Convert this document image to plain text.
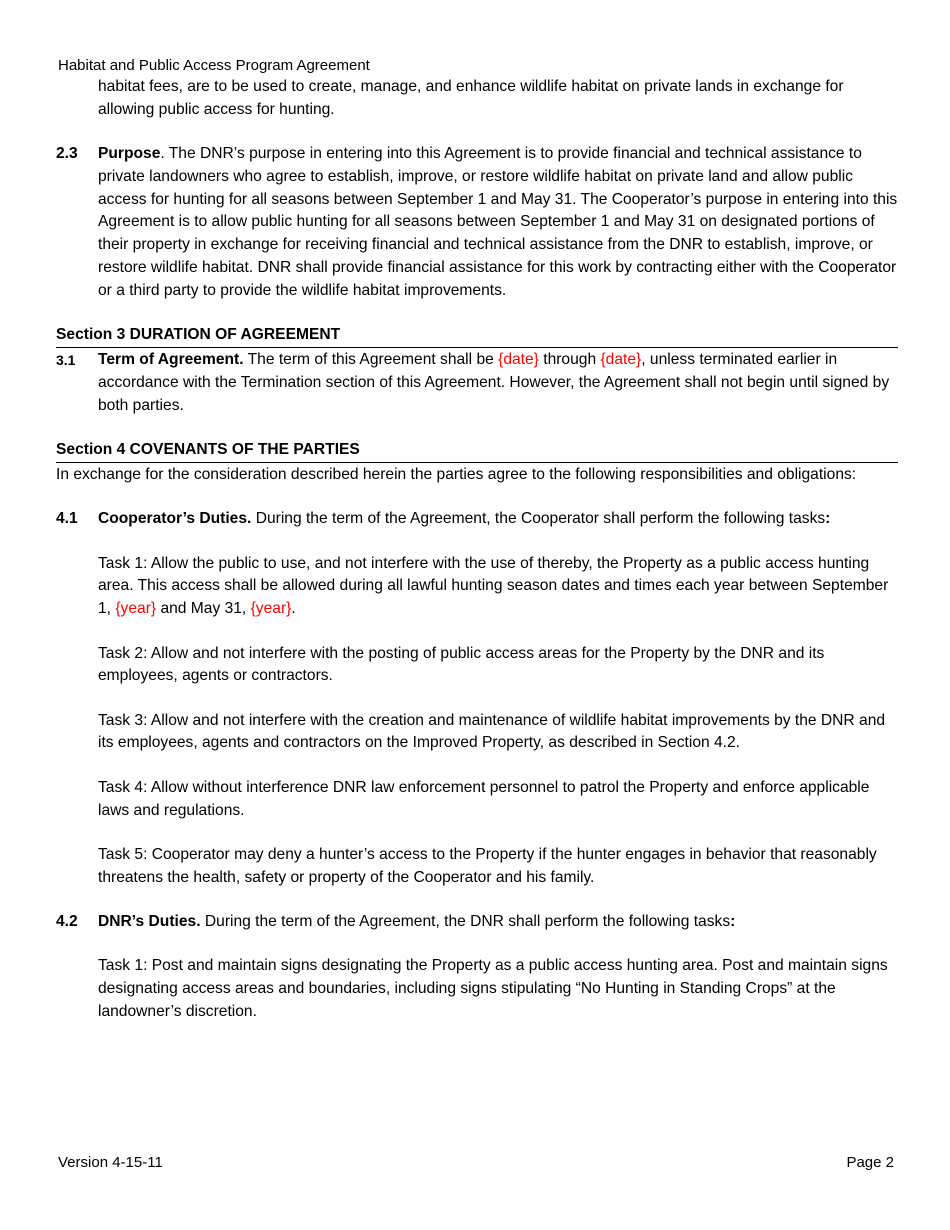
Habitat and Public Access Program Agreement

habitat fees, are to be used to create, manage, and enhance wildlife habitat on private lands in exchange for allowing public access for hunting.

2.3	Purpose. The DNR’s purpose in entering into this Agreement is to provide financial and technical assistance to private landowners who agree to establish, improve, or restore wildlife habitat on private land and allow public access for hunting for all seasons between September 1 and May 31. The Cooperator’s purpose in entering into this Agreement is to allow public hunting for all seasons between September 1 and May 31 on designated portions of their property in exchange for receiving financial and technical assistance from the DNR to establish, improve, or restore wildlife habitat. DNR shall provide financial assistance for this work by contracting either with the Cooperator or a third party to provide the wildlife habitat improvements.
Section 3 DURATION OF AGREEMENT
3.1	Term of Agreement. The term of this Agreement shall be {date} through {date}, unless terminated earlier in accordance with the Termination section of this Agreement. However, the Agreement shall not begin until signed by both parties.
Section 4 COVENANTS OF THE PARTIES

In exchange for the consideration described herein the parties agree to the following responsibilities and obligations:

4.1	Cooperator’s Duties. During the term of the Agreement, the Cooperator shall perform the following tasks:

Task 1: Allow the public to use, and not interfere with the use of thereby, the Property as a public access hunting area. This access shall be allowed during all lawful hunting season dates and times each year between September 1, {year} and May 31, {year}.

Task 2: Allow and not interfere with the posting of public access areas for the Property by the DNR and its employees, agents or contractors.

Task 3: Allow and not interfere with the creation and maintenance of wildlife habitat improvements by the DNR and its employees, agents and contractors on the Improved Property, as described in Section 4.2.

Task 4: Allow without interference DNR law enforcement personnel to patrol the Property and enforce applicable laws and regulations.

Task 5: Cooperator may deny a hunter’s access to the Property if the hunter engages in behavior that reasonably threatens the health, safety or property of the Cooperator and his family.

4.2	DNR’s Duties. During the term of the Agreement, the DNR shall perform the following tasks:

Task 1: Post and maintain signs designating the Property as a public access hunting area. Post and maintain signs designating access areas and boundaries, including signs stipulating “No Hunting in Standing Crops” at the landowner’s discretion.

Version 4-15-11	Page 2
